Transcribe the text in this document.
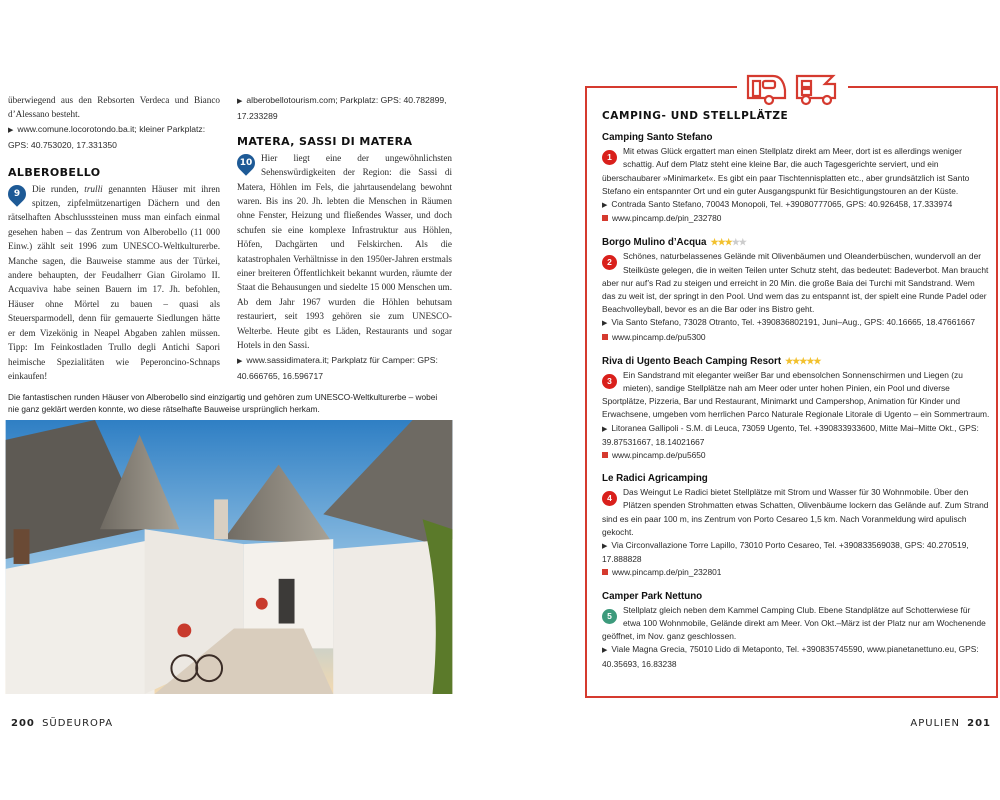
überwiegend aus den Rebsorten Verdeca und Bianco d’Alessano besteht.

▶ www.comune.locorotondo.ba.it; kleiner Parkplatz: GPS: 40.753020, 17.331350

ALBEROBELLO

9	Die runden, trulli genannten Häuser mit ihren spitzen, zipfelmützenartigen Dächern und den rätselhaften Abschlusssteinen muss man einfach einmal gesehen haben – das Zentrum von Alberobello (11 000 Einw.) zählt seit 1996 zum UNESCO-Weltkulturerbe. Manche sagen, die Bauweise stamme aus der Türkei, andere behaupten, der Feudalherr Gian Girolamo II. Acquaviva habe seinen Bauern im 17. Jh. befohlen, Häuser ohne Mörtel zu bauen – quasi als Steuersparmodell, denn für gemauerte Siedlungen hätte er dem Vizekönig in Neapel Abgaben zahlen müssen. Tipp: Im Feinkostladen Trullo degli Antichi Sapori heimische Spezialitäten wie Peperoncino-Schnaps einkaufen!

▶ alberobellotourism.com; Parkplatz: GPS: 40.782899, 17.233289

MATERA, SASSI DI MATERA

10 Hier liegt eine der ungewöhnlichsten Sehenswürdigkeiten der Region: die Sassi di Matera, Höhlen im Fels, die jahrtausendelang bewohnt waren. Bis ins 20. Jh. lebten die Menschen in Räumen ohne Fenster, Heizung und fließendes Wasser, und doch schufen sie eine komplexe Infrastruktur aus Höhlen, Höfen, Dachgärten und Felskirchen. Als die katastrophalen Verhältnisse in den 1950er-Jahren erstmals einer breiteren Öffentlichkeit bekannt wurden, räumte der Staat die Behausungen und siedelte 15 000 Menschen um. Ab dem Jahr 1967 wurden die Höhlen behutsam restauriert, seit 1993 gehören sie zum UNESCO-Welterbe. Heute gibt es Läden, Restaurants und sogar Hotels in den Sassi.

▶ www.sassidimatera.it; Parkplatz für Camper: GPS: 40.666765, 16.596717

Die fantastischen runden Häuser von Alberobello sind einzigartig und gehören zum UNESCO-Weltkulturerbe – wobei nie ganz geklärt werden konnte, wo diese rätselhafte Bauweise ursprünglich herkam.
CAMPING- UND STELLPLÄTZE
Camping Santo Stefano

1
Mit etwas Glück ergattert man einen Stellplatz direkt am Meer, dort ist es allerdings weniger schattig. Auf dem Platz steht eine kleine Bar, die auch Tagesgerichte serviert, und ein überschaubarer »Minimarket«. Es gibt ein paar Tischtennisplatten etc., aber grundsätzlich ist Santo Stefano ein entspannter Ort und ein guter Ausgangspunkt für Besichtigungstouren an der Küste.

▶ Contrada Santo Stefano, 70043 Monopoli, Tel. +39080777065, GPS: 40.926458, 17.333974

www.pincamp.de/pin_232780

Borgo Mulino d’Acqua ★★★★★

2
Schönes, naturbelassenes Gelände mit Olivenbäumen und Oleanderbüschen, wundervoll an der Steilküste gelegen, die in weiten Teilen unter Schutz steht, das bedeutet: Badeverbot. Man braucht aber nur auf’s Rad zu steigen und erreicht in 20 Min. die große Baia dei Turchi mit Sandstrand. Wem das zu weit ist, der springt in den Pool. Und wem das zu entspannt ist, der spielt eine Runde Padel oder Beachvolleyball, bevor es an die Bar oder ins Bistro geht.

▶ Via Santo Stefano, 73028 Otranto, Tel. +390836802191, Juni–Aug., GPS: 40.16665, 18.47661667

www.pincamp.de/pu5300

Riva di Ugento Beach Camping Resort ★★★★★

3
Ein Sandstrand mit eleganter weißer Bar und ebensolchen Sonnenschirmen und Liegen (zu mieten), sandige Stellplätze nah am Meer oder unter hohen Pinien, ein Pool und diverse Sportplätze, Pizzeria, Bar und Restaurant, Minimarkt und Campershop, Animation für Kinder und Erwachsene, umgeben vom herrlichen Parco Naturale Regionale Litorale di Ugento – ein Sommertraum.

▶ Litoranea Gallipoli - S.M. di Leuca, 73059 Ugento, Tel. +390833933600, Mitte Mai–Mitte Okt., GPS: 39.87531667, 18.14021667

www.pincamp.de/pu5650

Le Radici Agricamping

4
Das Weingut Le Radici bietet Stellplätze mit Strom und Wasser für 30 Wohnmobile. Über den Plätzen spenden Strohmatten etwas Schatten, Olivenbäume lockern das Gelände auf. Zum Strand sind es ein paar 100 m, ins Zentrum von Porto Cesareo 1,5 km. Nach Voranmeldung wird apulisch gekocht.

▶ Via Circonvallazione Torre Lapillo, 73010 Porto Cesareo, Tel. +390833569038, GPS: 40.270519, 17.888828

www.pincamp.de/pin_232801

Camper Park Nettuno

5
Stellplatz gleich neben dem Kammel Camping Club. Ebene Standplätze auf Schotterwiese für etwa 100 Wohnmobile, Gelände direkt am Meer. Von Okt.–März ist der Platz nur am Wochenende geöffnet, im Nov. ganz geschlossen.

▶ Viale Magna Grecia, 75010 Lido di Metaponto, Tel. +390835745590, www.pianetanettuno.eu, GPS: 40.35693, 16.83238

200 SÜDEUROPA	APULIEN 201
